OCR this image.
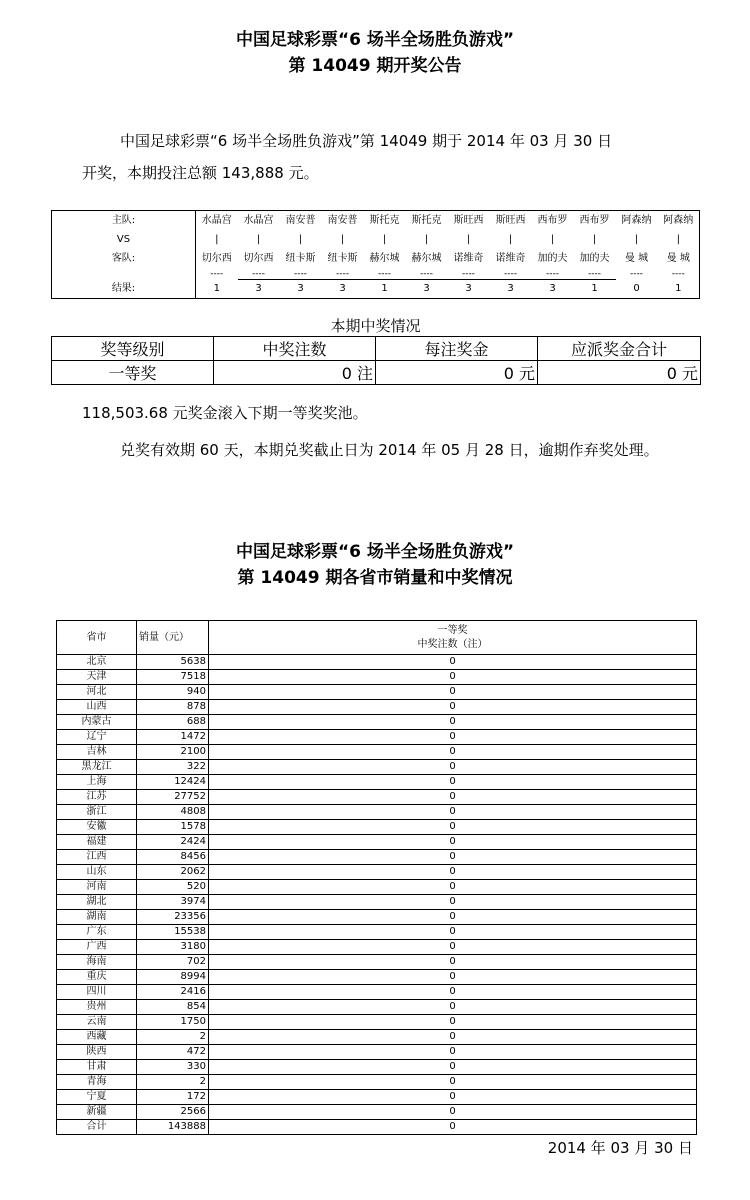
中国足球彩票“6 场半全场胜负游戏”
第 14049 期开奖公告
中国足球彩票“6 场半全场胜负游戏”第 14049 期于 2014 年 03 月 30 日
开奖，本期投注总额 143,888 元。
主队:	水晶宫	水晶宫	南安普	南安普	斯托克	斯托克	斯旺西	斯旺西	西布罗	西布罗	阿森纳	阿森纳
VS	|	|	|	|	|	|	|	|	|	|	|	|
客队:	切尔西	切尔西	纽卡斯	纽卡斯	赫尔城	赫尔城	诺维奇	诺维奇	加的夫	加的夫	曼 城	曼 城
	----	----	----	----	----	----	----	----	----	----	----	----
结果:	1	3	3	3	1	3	3	3	3	1	0	1
本期中奖情况
奖等级别	中奖注数	每注奖金	应派奖金合计
一等奖	0 注	0 元	0 元
118,503.68 元奖金滚入下期一等奖奖池。
兑奖有效期 60 天，本期兑奖截止日为 2014 年 05 月 28 日，逾期作弃奖处理。
中国足球彩票“6 场半全场胜负游戏”
第 14049 期各省市销量和中奖情况
省市	销量（元）	一等奖
中奖注数（注）

北京	5638	0
天津	7518	0
河北	940	0
山西	878	0
内蒙古	688	0
辽宁	1472	0
吉林	2100	0
黑龙江	322	0
上海	12424	0
江苏	27752	0
浙江	4808	0
安徽	1578	0
福建	2424	0
江西	8456	0
山东	2062	0
河南	520	0
湖北	3974	0
湖南	23356	0
广东	15538	0
广西	3180	0
海南	702	0
重庆	8994	0
四川	2416	0
贵州	854	0
云南	1750	0
西藏	2	0
陕西	472	0
甘肃	330	0
青海	2	0
宁夏	172	0
新疆	2566	0
合计	143888	0
2014 年 03 月 30 日
